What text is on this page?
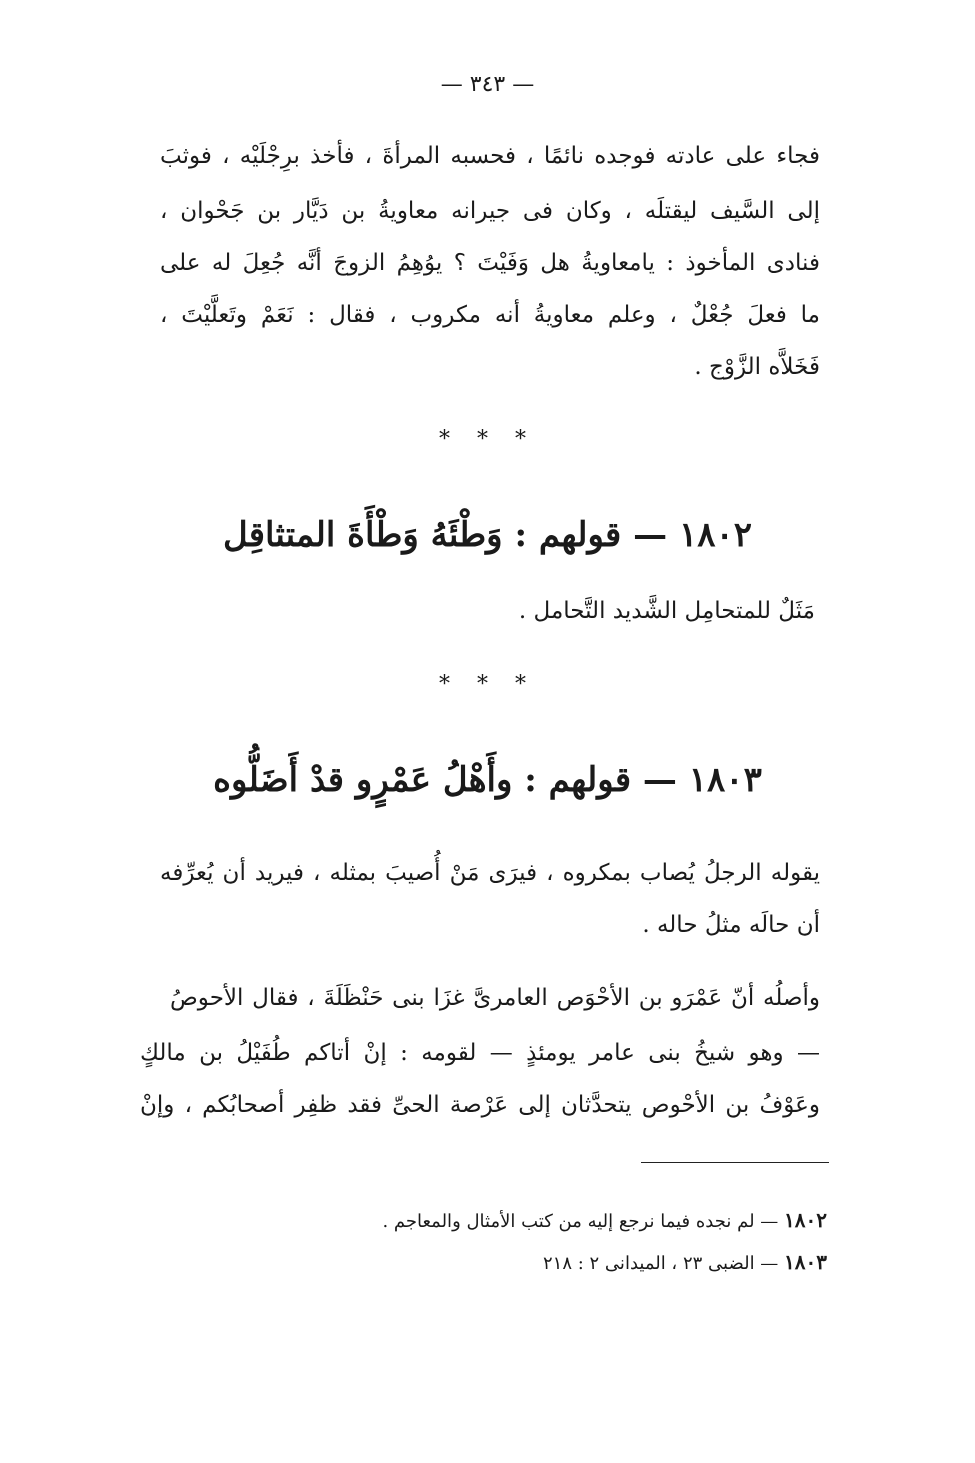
— ٣٤٣ —
فجاء على عادته فوجده نائمًا ، فحسبه المرأةَ ، فأخذ برِجْلَيْه ، فوثبَ
إلى السَّيف ليقتلَه ، وكان فى جيرانه معاويةُ بن دَيَّار بن جَحْوان ،
فنادى المأخوذ : يامعاويةُ هل وَفَيْتَ ؟ يوُهِمُ الزوجَ أنَّه جُعِلَ له على
ما فعلَ جُعْلٌ ، وعلم معاويةُ أنه مكروب ، فقال : نَعَمْ وتَعلَّيْتَ ،
فَخَلاَّه الزَّوْج .
* * *
١٨٠٢ — قولهم : وَطْئَهُ وَطْأَةَ المتثاقِل
مَثَلٌ للمتحامِل الشَّديد التَّحامل .
* * *
١٨٠٣ — قولهم : وأَهْلُ عَمْرٍو قدْ أَضَلُّوه
يقوله الرجلُ يُصاب بمكروه ، فيرَى مَنْ أُصيبَ بمثله ، فيريد أن يُعرِّفه
أن حالَه مثلُ حاله .
وأصلُه أنّ عَمْرَو بن الأحْوَص العامرىَّ غزَا بنى حَنْظَلَةَ ، فقال الأحوصُ
— وهو شيخُ بنى عامر يومئذٍ — لقومه : إنْ أتاكم طُفَيْلُ بن مالكٍ
وعَوْفُ بن الأحْوص يتحدَّثان إلى عَرْصة الحىِّ فقد ظفِر أصحابُكم ، وإنْ
١٨٠٢ — لم نجده فيما نرجع إليه من كتب الأمثال والمعاجم .
١٨٠٣ — الضبى ٢٣ ، الميدانى ٢ : ٢١٨
